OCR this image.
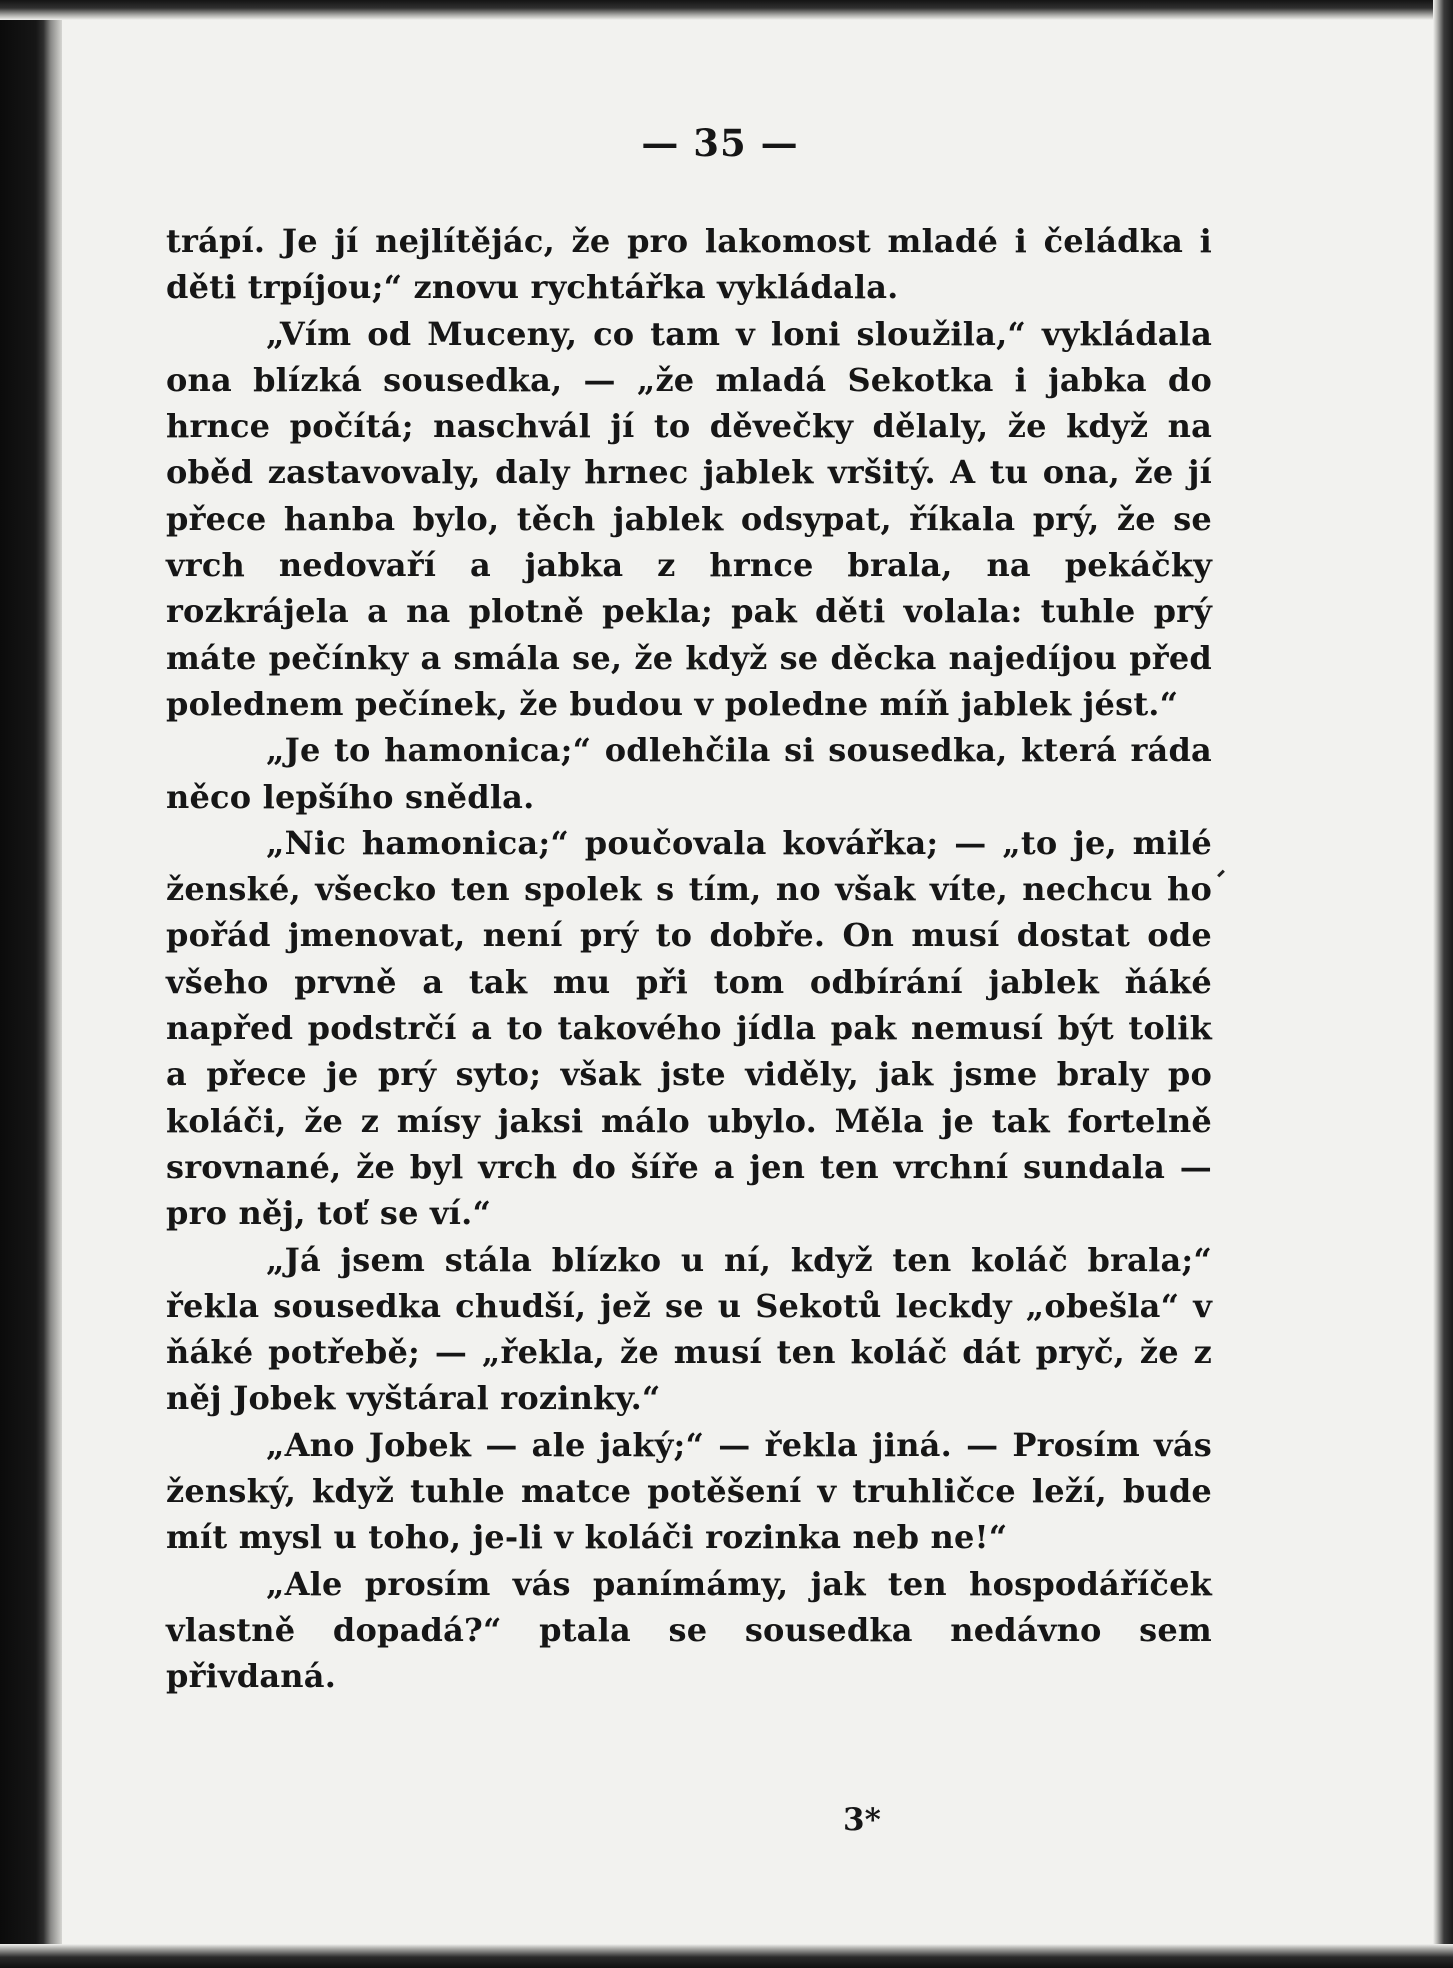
— 35 —

trápí. Je jí nejlítějác, že pro lakomost mladé i čeládka i děti trpíjou;“ znovu rychtářka vykládala.

„Vím od Muceny, co tam v loni sloužila,“ vykládala ona blízká sousedka, — „že mladá Sekotka i jabka do hrnce počítá; naschvál jí to děvečky dělaly, že když na oběd zastavovaly, daly hrnec jablek vršitý. A tu ona, že jí přece hanba bylo, těch jablek odsypat, říkala prý, že se vrch nedovaří a jabka z hrnce brala, na pekáčky rozkrájela a na plotně pekla; pak děti volala: tuhle prý máte pečínky a smála se, že když se děcka najedíjou před polednem pečínek, že budou v poledne míň jablek jést.“

„Je to hamonica;“ odlehčila si sousedka, která ráda něco lepšího snědla.

„Nic hamonica;“ poučovala kovářka; — „to je, milé ženské, všecko ten spolek s tím, no však víte, nechcu ho pořád jmenovat, není prý to dobře. On musí dostat ode všeho prvně a tak mu při tom odbírání jablek ňáké napřed podstrčí a to takového jídla pak nemusí být tolik a přece je prý syto; však jste viděly, jak jsme braly po koláči, že z mísy jaksi málo ubylo. Měla je tak fortelně srovnané, že byl vrch do šíře a jen ten vrchní sundala — pro něj, toť se ví.“

„Já jsem stála blízko u ní, když ten koláč brala;“ řekla sousedka chudší, jež se u Sekotů leckdy „obešla“ v ňáké potřebě; — „řekla, že musí ten koláč dát pryč, že z něj Jobek vyštáral rozinky.“

„Ano Jobek — ale jaký;“ — řekla jiná. — Prosím vás ženský, když tuhle matce potěšení v truhličce leží, bude mít mysl u toho, je-li v koláči rozinka neb ne!“

„Ale prosím vás panímámy, jak ten hospodáříček vlastně dopadá?“ ptala se sousedka nedávno sem přivdaná.

3*
